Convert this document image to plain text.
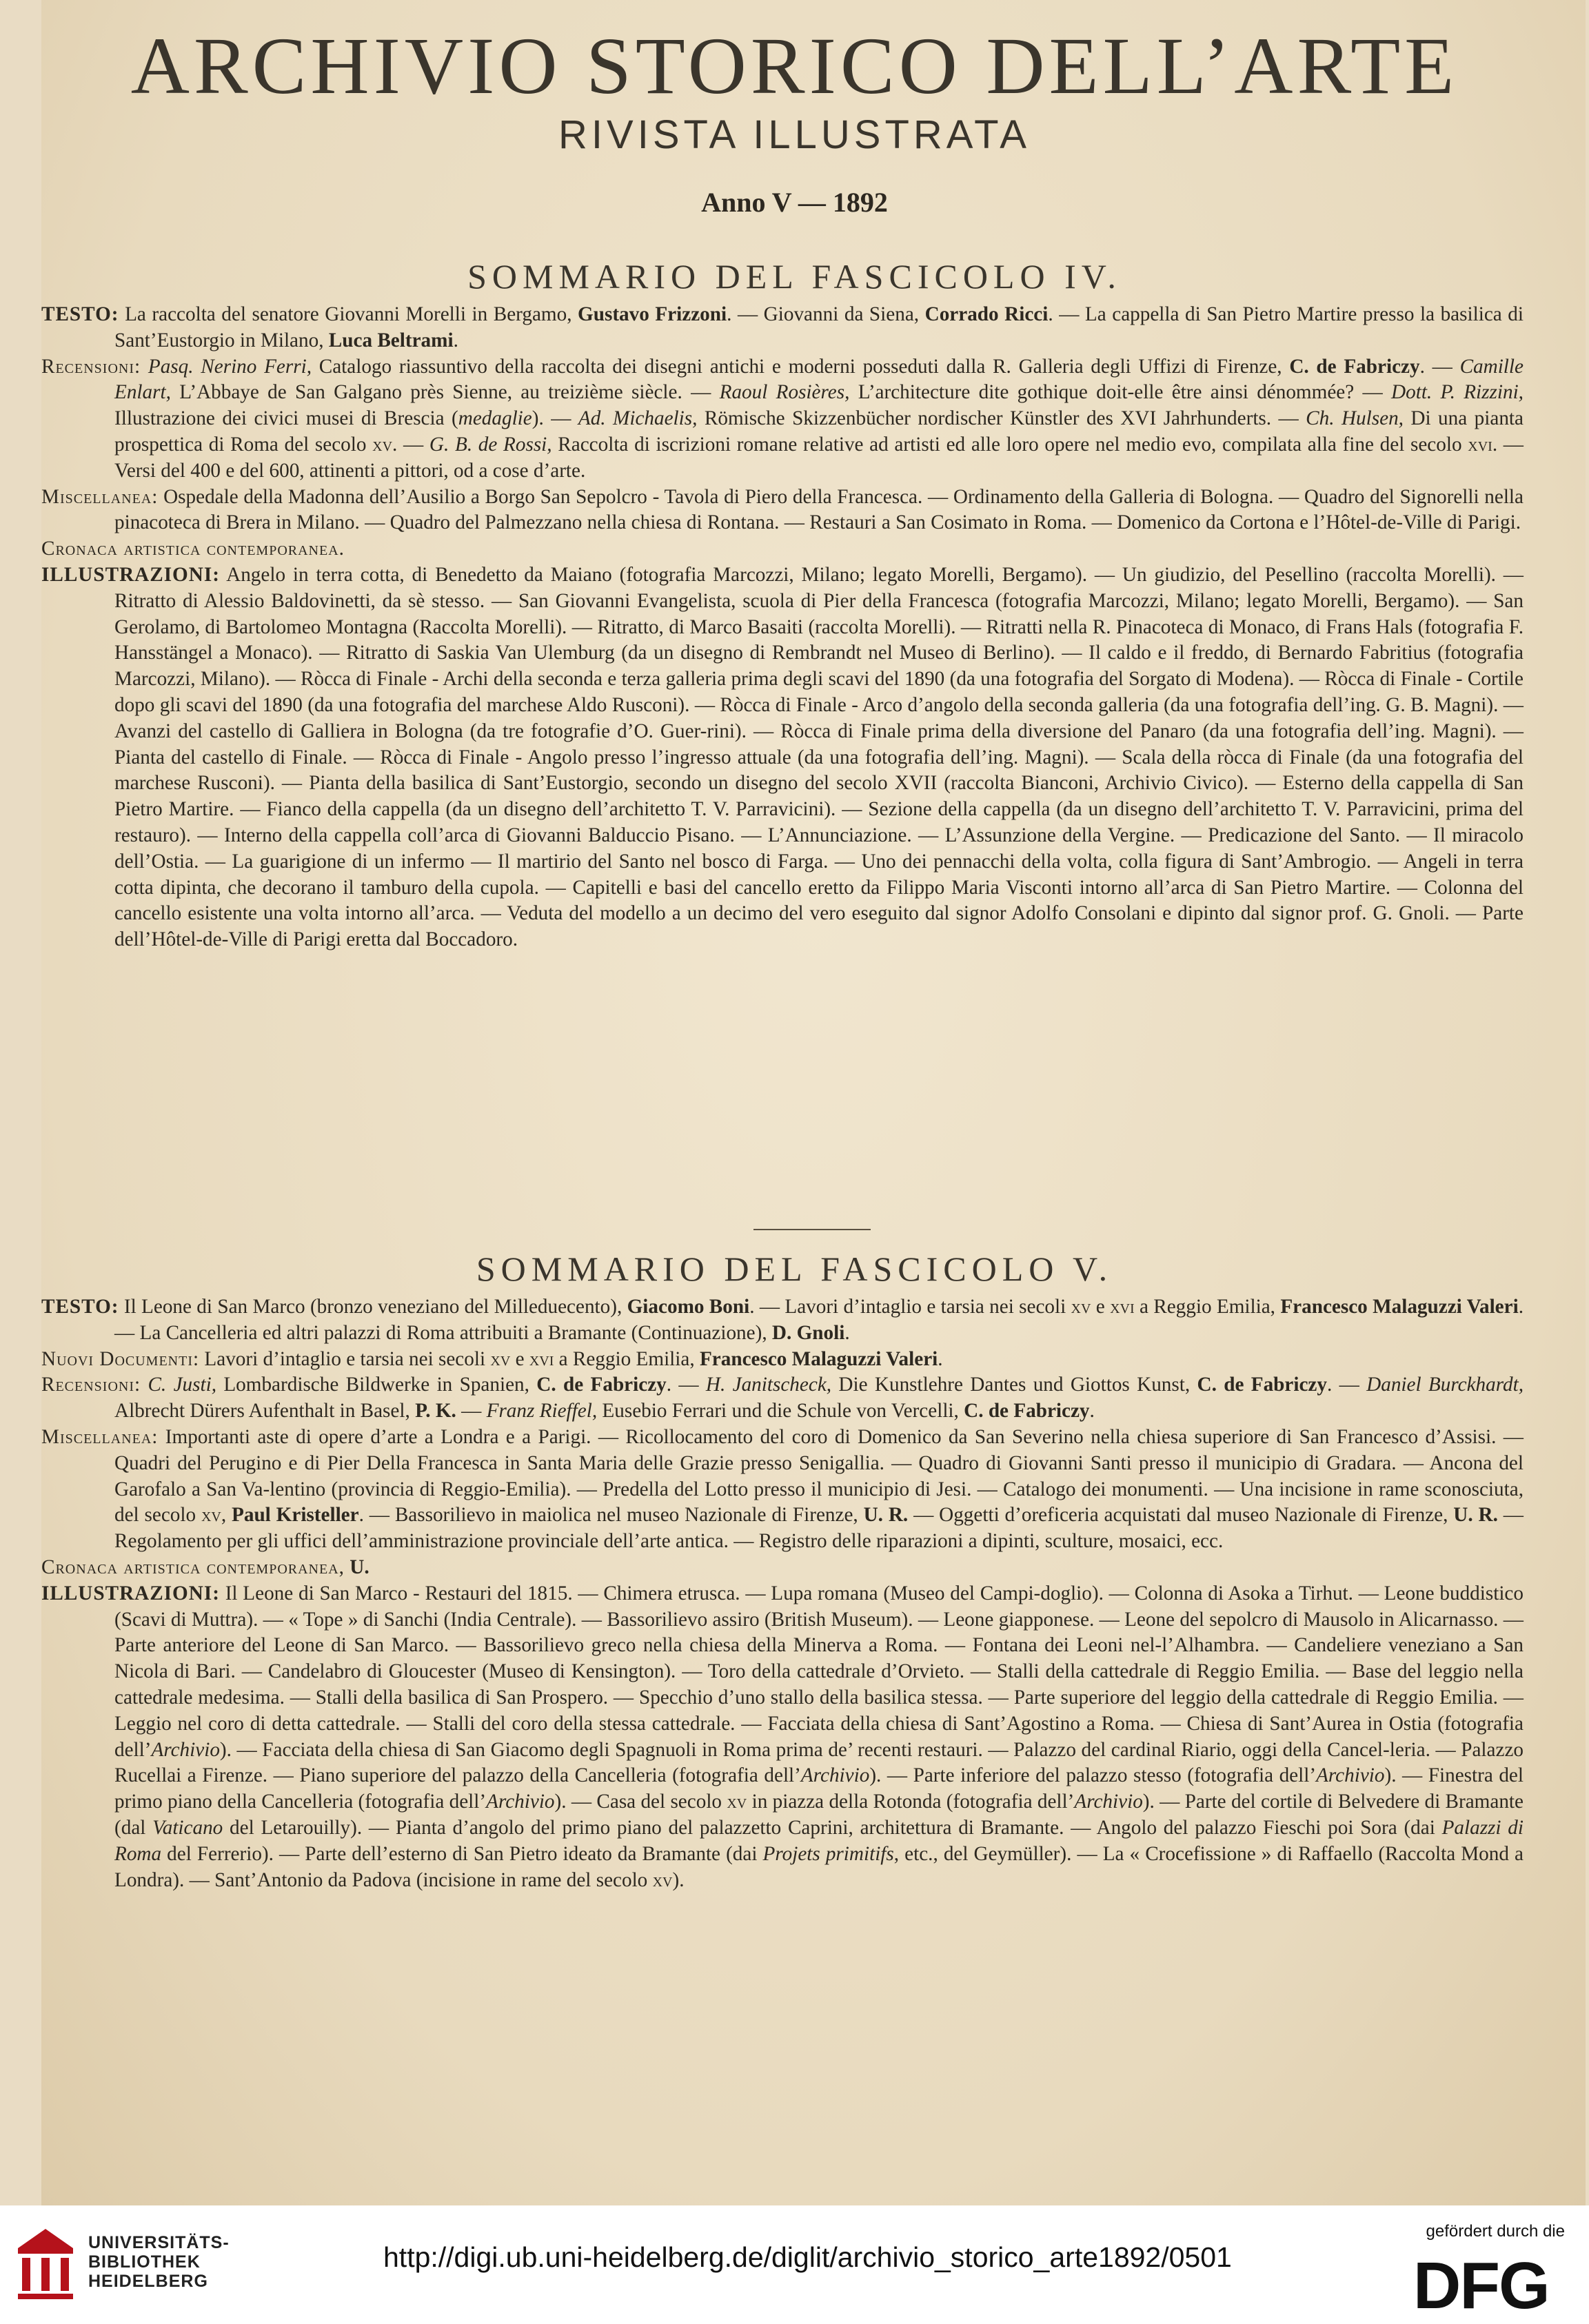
ARCHIVIO STORICO DELL’ARTE
RIVISTA ILLUSTRATA
Anno V — 1892
SOMMARIO DEL FASCICOLO IV.

TESTO: La raccolta del senatore Giovanni Morelli in Bergamo, Gustavo Frizzoni. — Giovanni da Siena, Corrado Ricci. — La cappella di San Pietro Martire presso la basilica di Sant’Eustorgio in Milano, Luca Beltrami.

Recensioni: Pasq. Nerino Ferri, Catalogo riassuntivo della raccolta dei disegni antichi e moderni posseduti dalla R. Galleria degli Uffizi di Firenze, C. de Fabriczy. — Camille Enlart, L’Abbaye de San Galgano près Sienne, au treizième siècle. — Raoul Rosières, L’architecture dite gothique doit-elle être ainsi dénommée? — Dott. P. Rizzini, Illustrazione dei civici musei di Brescia (medaglie). — Ad. Michaelis, Römische Skizzenbücher nordischer Künstler des XVI Jahrhunderts. — Ch. Hulsen, Di una pianta prospettica di Roma del secolo xv. — G. B. de Rossi, Raccolta di iscrizioni romane relative ad artisti ed alle loro opere nel medio evo, compilata alla fine del secolo xvi. — Versi del 400 e del 600, attinenti a pittori, od a cose d’arte.

Miscellanea: Ospedale della Madonna dell’Ausilio a Borgo San Sepolcro - Tavola di Piero della Francesca. — Ordinamento della Galleria di Bologna. — Quadro del Signorelli nella pinacoteca di Brera in Milano. — Quadro del Palmezzano nella chiesa di Rontana. — Restauri a San Cosimato in Roma. — Domenico da Cortona e l’Hôtel-de-Ville di Parigi.

Cronaca artistica contemporanea.

ILLUSTRAZIONI: Angelo in terra cotta, di Benedetto da Maiano (fotografia Marcozzi, Milano; legato Morelli, Bergamo). — Un giudizio, del Pesellino (raccolta Morelli). — Ritratto di Alessio Baldovinetti, da sè stesso. — San Giovanni Evangelista, scuola di Pier della Francesca (fotografia Marcozzi, Milano; legato Morelli, Bergamo). — San Gerolamo, di Bartolomeo Montagna (Raccolta Morelli). — Ritratto, di Marco Basaiti (raccolta Morelli). — Ritratti nella R. Pinacoteca di Monaco, di Frans Hals (fotografia F. Hansstängel a Monaco). — Ritratto di Saskia Van Ulemburg (da un disegno di Rembrandt nel Museo di Berlino). — Il caldo e il freddo, di Bernardo Fabritius (fotografia Marcozzi, Milano). — Ròcca di Finale - Archi della seconda e terza galleria prima degli scavi del 1890 (da una fotografia del Sorgato di Modena). — Ròcca di Finale - Cortile dopo gli scavi del 1890 (da una fotografia del marchese Aldo Rusconi). — Ròcca di Finale - Arco d’angolo della seconda galleria (da una fotografia dell’ing. G. B. Magni). — Avanzi del castello di Galliera in Bologna (da tre fotografie d’O. Guer-rini). — Ròcca di Finale prima della diversione del Panaro (da una fotografia dell’ing. Magni). — Pianta del castello di Finale. — Ròcca di Finale - Angolo presso l’ingresso attuale (da una fotografia dell’ing. Magni). — Scala della ròcca di Finale (da una fotografia del marchese Rusconi). — Pianta della basilica di Sant’Eustorgio, secondo un disegno del secolo XVII (raccolta Bianconi, Archivio Civico). — Esterno della cappella di San Pietro Martire. — Fianco della cappella (da un disegno dell’architetto T. V. Parravicini). — Sezione della cappella (da un disegno dell’architetto T. V. Parravicini, prima del restauro). — Interno della cappella coll’arca di Giovanni Balduccio Pisano. — L’Annunciazione. — L’Assunzione della Vergine. — Predicazione del Santo. — Il miracolo dell’Ostia. — La guarigione di un infermo — Il martirio del Santo nel bosco di Farga. — Uno dei pennacchi della volta, colla figura di Sant’Ambrogio. — Angeli in terra cotta dipinta, che decorano il tamburo della cupola. — Capitelli e basi del cancello eretto da Filippo Maria Visconti intorno all’arca di San Pietro Martire. — Colonna del cancello esistente una volta intorno all’arca. — Veduta del modello a un decimo del vero eseguito dal signor Adolfo Consolani e dipinto dal signor prof. G. Gnoli. — Parte dell’Hôtel-de-Ville di Parigi eretta dal Boccadoro.

SOMMARIO DEL FASCICOLO V.

TESTO: Il Leone di San Marco (bronzo veneziano del Milleduecento), Giacomo Boni. — Lavori d’intaglio e tarsia nei secoli xv e xvi a Reggio Emilia, Francesco Malaguzzi Valeri. — La Cancelleria ed altri palazzi di Roma attribuiti a Bramante (Continuazione), D. Gnoli.

Nuovi Documenti: Lavori d’intaglio e tarsia nei secoli xv e xvi a Reggio Emilia, Francesco Malaguzzi Valeri.

Recensioni: C. Justi, Lombardische Bildwerke in Spanien, C. de Fabriczy. — H. Janitscheck, Die Kunstlehre Dantes und Giottos Kunst, C. de Fabriczy. — Daniel Burckhardt, Albrecht Dürers Aufenthalt in Basel, P. K. — Franz Rieffel, Eusebio Ferrari und die Schule von Vercelli, C. de Fabriczy.

Miscellanea: Importanti aste di opere d’arte a Londra e a Parigi. — Ricollocamento del coro di Domenico da San Severino nella chiesa superiore di San Francesco d’Assisi. — Quadri del Perugino e di Pier Della Francesca in Santa Maria delle Grazie presso Senigallia. — Quadro di Giovanni Santi presso il municipio di Gradara. — Ancona del Garofalo a San Va-lentino (provincia di Reggio-Emilia). — Predella del Lotto presso il municipio di Jesi. — Catalogo dei monumenti. — Una incisione in rame sconosciuta, del secolo xv, Paul Kristeller. — Bassorilievo in maiolica nel museo Nazionale di Firenze, U. R. — Oggetti d’oreficeria acquistati dal museo Nazionale di Firenze, U. R. — Regolamento per gli uffici dell’amministrazione provinciale dell’arte antica. — Registro delle riparazioni a dipinti, sculture, mosaici, ecc.

Cronaca artistica contemporanea, U.

ILLUSTRAZIONI: Il Leone di San Marco - Restauri del 1815. — Chimera etrusca. — Lupa romana (Museo del Campi-doglio). — Colonna di Asoka a Tirhut. — Leone buddistico (Scavi di Muttra). — « Tope » di Sanchi (India Centrale). — Bassorilievo assiro (British Museum). — Leone giapponese. — Leone del sepolcro di Mausolo in Alicarnasso. — Parte anteriore del Leone di San Marco. — Bassorilievo greco nella chiesa della Minerva a Roma. — Fontana dei Leoni nel-l’Alhambra. — Candeliere veneziano a San Nicola di Bari. — Candelabro di Gloucester (Museo di Kensington). — Toro della cattedrale d’Orvieto. — Stalli della cattedrale di Reggio Emilia. — Base del leggio nella cattedrale medesima. — Stalli della basilica di San Prospero. — Specchio d’uno stallo della basilica stessa. — Parte superiore del leggio della cattedrale di Reggio Emilia. — Leggio nel coro di detta cattedrale. — Stalli del coro della stessa cattedrale. — Facciata della chiesa di Sant’Agostino a Roma. — Chiesa di Sant’Aurea in Ostia (fotografia dell’Archivio). — Facciata della chiesa di San Giacomo degli Spagnuoli in Roma prima de’ recenti restauri. — Palazzo del cardinal Riario, oggi della Cancel-leria. — Palazzo Rucellai a Firenze. — Piano superiore del palazzo della Cancelleria (fotografia dell’Archivio). — Parte inferiore del palazzo stesso (fotografia dell’Archivio). — Finestra del primo piano della Cancelleria (fotografia dell’Archivio). — Casa del secolo xv in piazza della Rotonda (fotografia dell’Archivio). — Parte del cortile di Belvedere di Bramante (dal Vaticano del Letarouilly). — Pianta d’angolo del primo piano del palazzetto Caprini, architettura di Bramante. — Angolo del palazzo Fieschi poi Sora (dai Palazzi di Roma del Ferrerio). — Parte dell’esterno di San Pietro ideato da Bramante (dai Projets primitifs, etc., del Geymüller). — La « Crocefissione » di Raffaello (Raccolta Mond a Londra). — Sant’Antonio da Padova (incisione in rame del secolo xv).

UNIVERSITÄTS-
BIBLIOTHEK
HEIDELBERG
http://digi.ub.uni-heidelberg.de/diglit/archivio_storico_arte1892/0501
gefördert durch die
DFG
